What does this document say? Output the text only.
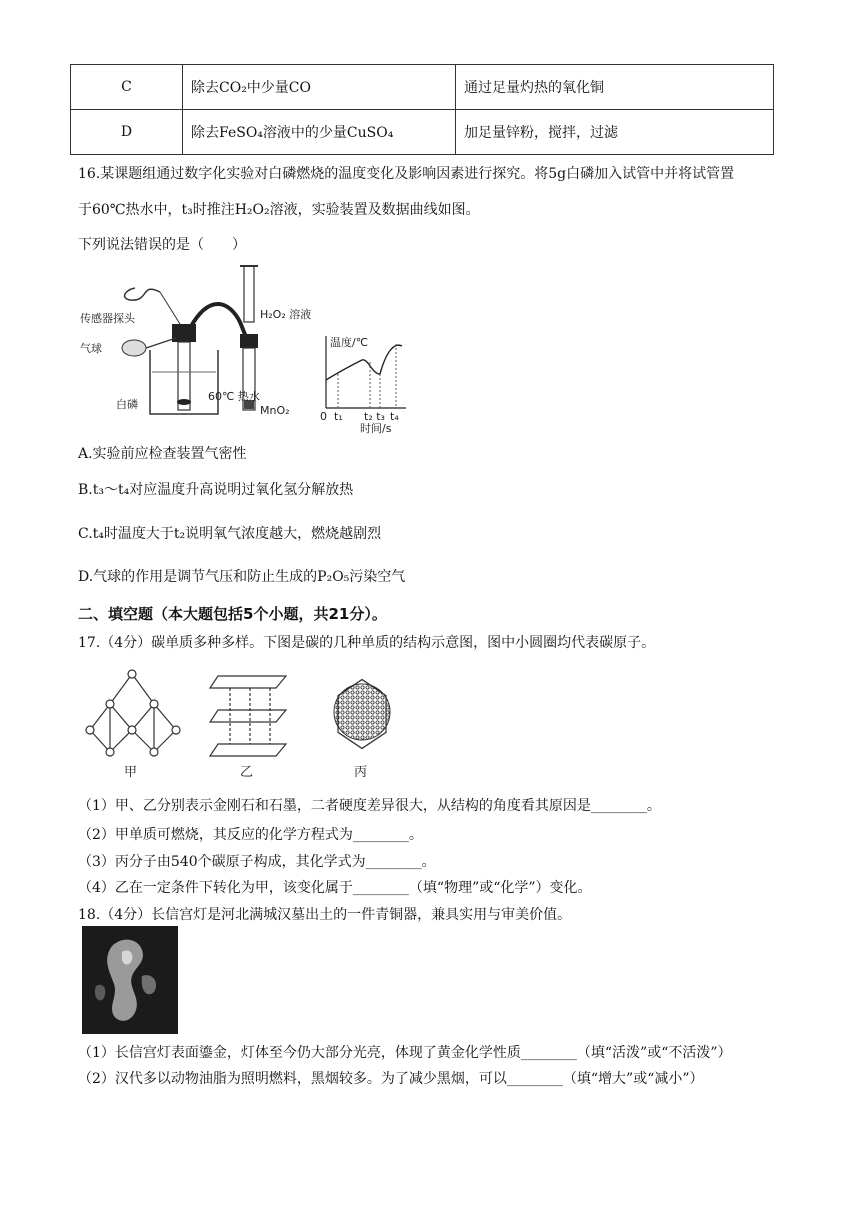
C	除去CO₂中少量CO	通过足量灼热的氧化铜
D	除去FeSO₄溶液中的少量CuSO₄	加足量锌粉，搅拌，过滤
16.某课题组通过数字化实验对白磷燃烧的温度变化及影响因素进行探究。将5g白磷加入试管中并将试管置
于60℃热水中，t₃时推注H₂O₂溶液，实验装置及数据曲线如图。
下列说法错误的是（　　）
传感器探头
气球
白磷
60℃ 热水
H₂O₂ 溶液
MnO₂
温度/℃
0 t₁ t₂ t₃ t₄
时间/s
A.实验前应检查装置气密性
B.t₃～t₄对应温度升高说明过氧化氢分解放热
C.t₄时温度大于t₂说明氧气浓度越大，燃烧越剧烈
D.气球的作用是调节气压和防止生成的P₂O₅污染空气
二、填空题（本大题包括5个小题，共21分）。
17.（4分）碳单质多种多样。下图是碳的几种单质的结构示意图，图中小圆圈均代表碳原子。
甲	乙	丙
（1）甲、乙分别表示金刚石和石墨，二者硬度差异很大，从结构的角度看其原因是________。
（2）甲单质可燃烧，其反应的化学方程式为________。
（3）丙分子由540个碳原子构成，其化学式为________。
（4）乙在一定条件下转化为甲，该变化属于________（填“物理”或“化学”）变化。
18.（4分）长信宫灯是河北满城汉墓出土的一件青铜器，兼具实用与审美价值。
（1）长信宫灯表面鎏金，灯体至今仍大部分光亮，体现了黄金化学性质________（填“活泼”或“不活泼”）
（2）汉代多以动物油脂为照明燃料，黑烟较多。为了减少黑烟，可以________（填“增大”或“减小”）
